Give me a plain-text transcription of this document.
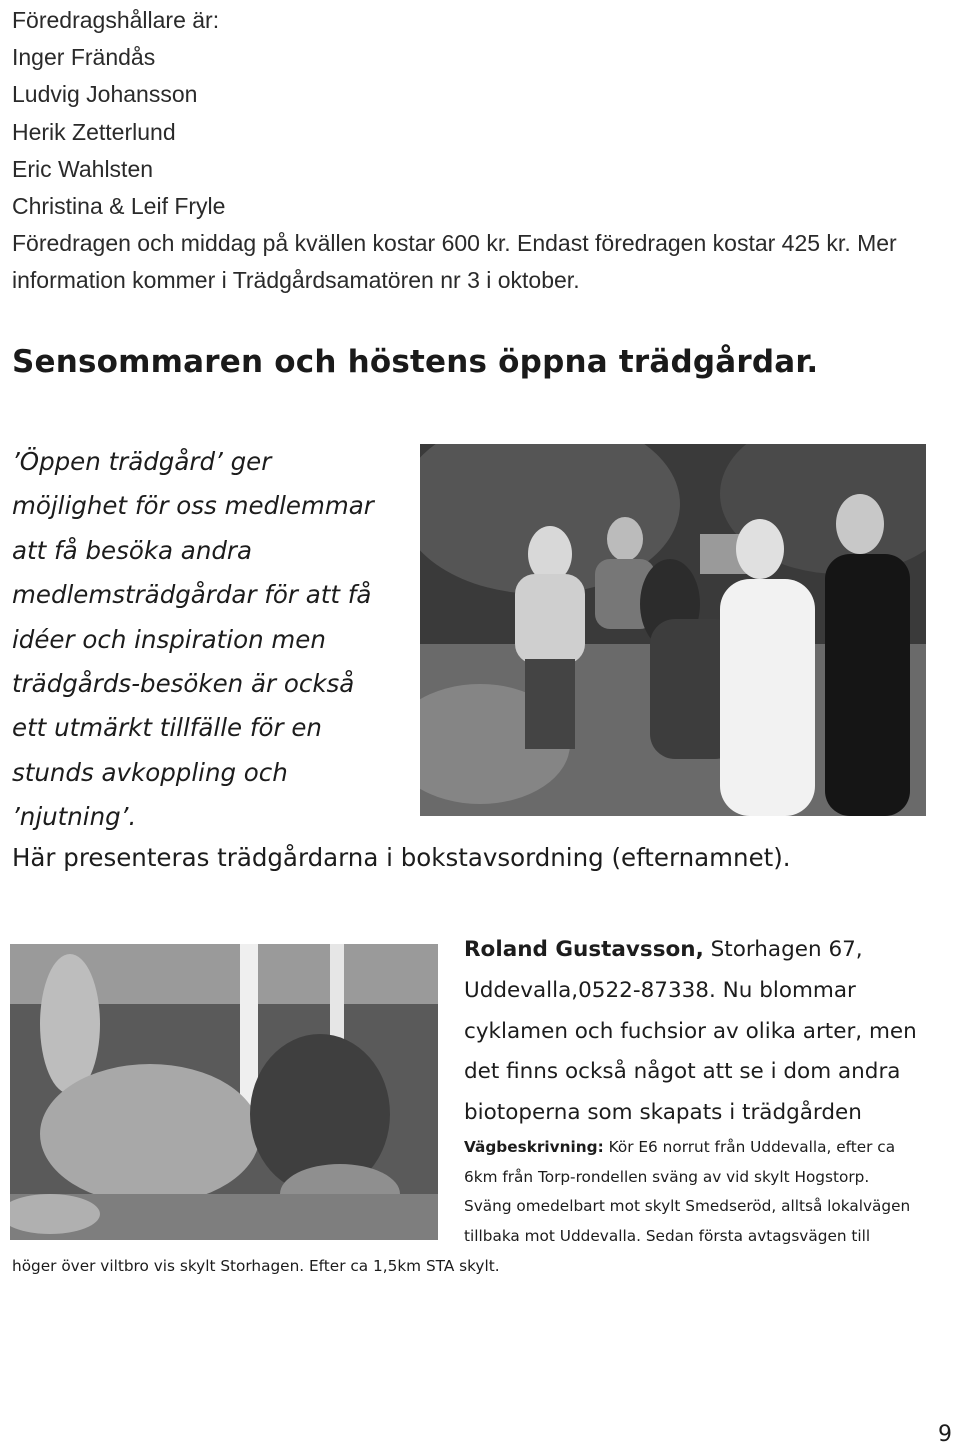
Föredragshållare är:
Inger Frändås
Ludvig Johansson
Herik Zetterlund
Eric Wahlsten
Christina & Leif Fryle
Föredragen och middag på kvällen kostar 600 kr. Endast föredragen kostar 425 kr. Mer
information kommer i Trädgårdsamatören nr 3 i oktober.
Sensommaren och höstens öppna trädgårdar.
’Öppen trädgård’ ger
möjlighet för oss medlemmar
att få besöka andra
medlemsträdgårdar för att få
idéer och inspiration men
trädgårds-besöken är också
ett utmärkt tillfälle för en
stunds avkoppling och
’njutning’.
Här presenteras trädgårdarna i bokstavsordning (efternamnet).
Roland Gustavsson, Storhagen 67,
Uddevalla,0522-87338. Nu blommar
cyklamen och fuchsior av olika arter, men
det finns också något att se i dom andra
biotoperna som skapats i trädgården
Vägbeskrivning: Kör E6 norrut från Uddevalla, efter ca
6km från Torp-rondellen sväng av vid skylt Hogstorp.
Sväng omedelbart mot skylt Smedseröd, alltså lokalvägen
tillbaka mot Uddevalla. Sedan första avtagsvägen till
höger över viltbro vis skylt Storhagen. Efter ca 1,5km STA skylt.
9
